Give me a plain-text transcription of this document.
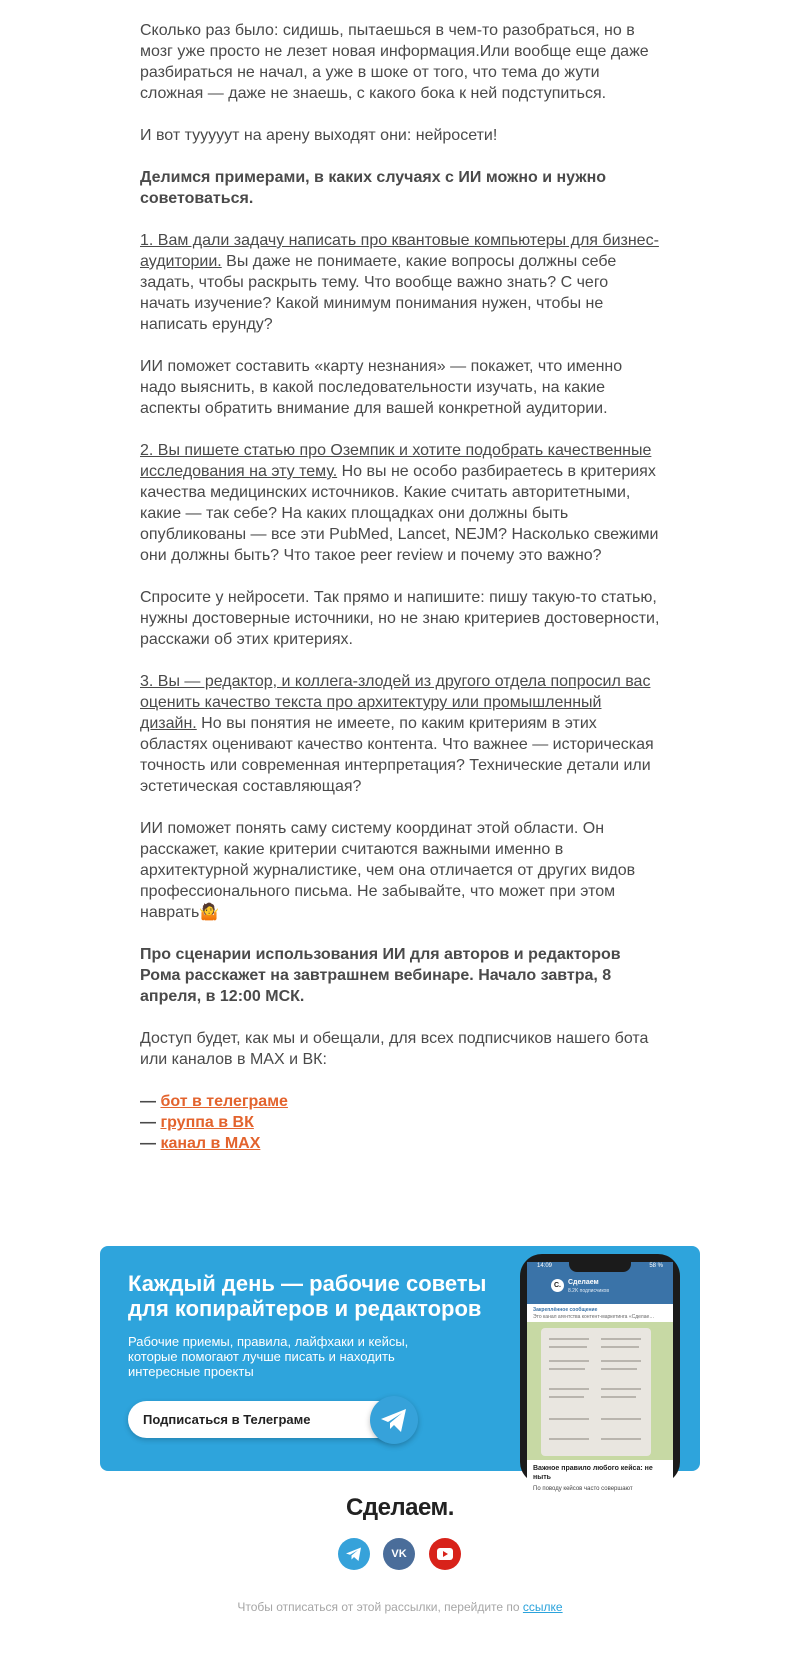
Сколько раз было: сидишь, пытаешься в чем-то разобраться, но в мозг уже просто не лезет новая информация.Или вообще еще даже разбираться не начал, а уже в шоке от того, что тема до жути сложная — даже не знаешь, с какого бока к ней подступиться.

И вот тууууут на арену выходят они: нейросети!

Делимся примерами, в каких случаях с ИИ можно и нужно советоваться.

1. Вам дали задачу написать про квантовые компьютеры для бизнес-аудитории. Вы даже не понимаете, какие вопросы должны себе задать, чтобы раскрыть тему. Что вообще важно знать? С чего начать изучение? Какой минимум понимания нужен, чтобы не написать ерунду?

ИИ поможет составить «карту незнания» — покажет, что именно надо выяснить, в какой последовательности изучать, на какие аспекты обратить внимание для вашей конкретной аудитории.

2. Вы пишете статью про Оземпик и хотите подобрать качественные исследования на эту тему. Но вы не особо разбираетесь в критериях качества медицинских источников. Какие считать авторитетными, какие — так себе? На каких площадках они должны быть опубликованы — все эти PubMed, Lancet, NEJM? Насколько свежими они должны быть? Что такое peer review и почему это важно?

Спросите у нейросети. Так прямо и напишите: пишу такую-то статью, нужны достоверные источники, но не знаю критериев достоверности, расскажи об этих критериях.

3. Вы — редактор, и коллега-злодей из другого отдела попросил вас оценить качество текста про архитектуру или промышленный дизайн. Но вы понятия не имеете, по каким критериям в этих областях оценивают качество контента. Что важнее — историческая точность или современная интерпретация? Технические детали или эстетическая составляющая?

ИИ поможет понять саму систему координат этой области. Он расскажет, какие критерии считаются важными именно в архитектурной журналистике, чем она отличается от других видов профессионального письма. Не забывайте, что может при этом наврать🤷

Про сценарии использования ИИ для авторов и редакторов Рома расскажет на завтрашнем вебинаре. Начало завтра, 8 апреля, в 12:00 МСК.

Доступ будет, как мы и обещали, для всех подписчиков нашего бота или каналов в МАХ и ВК:

— бот в телеграме
— группа в ВК
— канал в МАХ
Каждый день — рабочие советы для копирайтеров и редакторов
Рабочие приемы, правила, лайфхаки и кейсы, которые помогают лучше писать и находить интересные проекты
Подписаться в Телеграме
14:09	58 %
С.	Сделаем
8.2K подписчиков
Закреплённое сообщение
Это канал агентства контент-маркетинга «Сделае…
Важное правило любого кейса: не ныть
По поводу кейсов часто совершают
Сделаем.
VK
Чтобы отписаться от этой рассылки, перейдите по ссылке
